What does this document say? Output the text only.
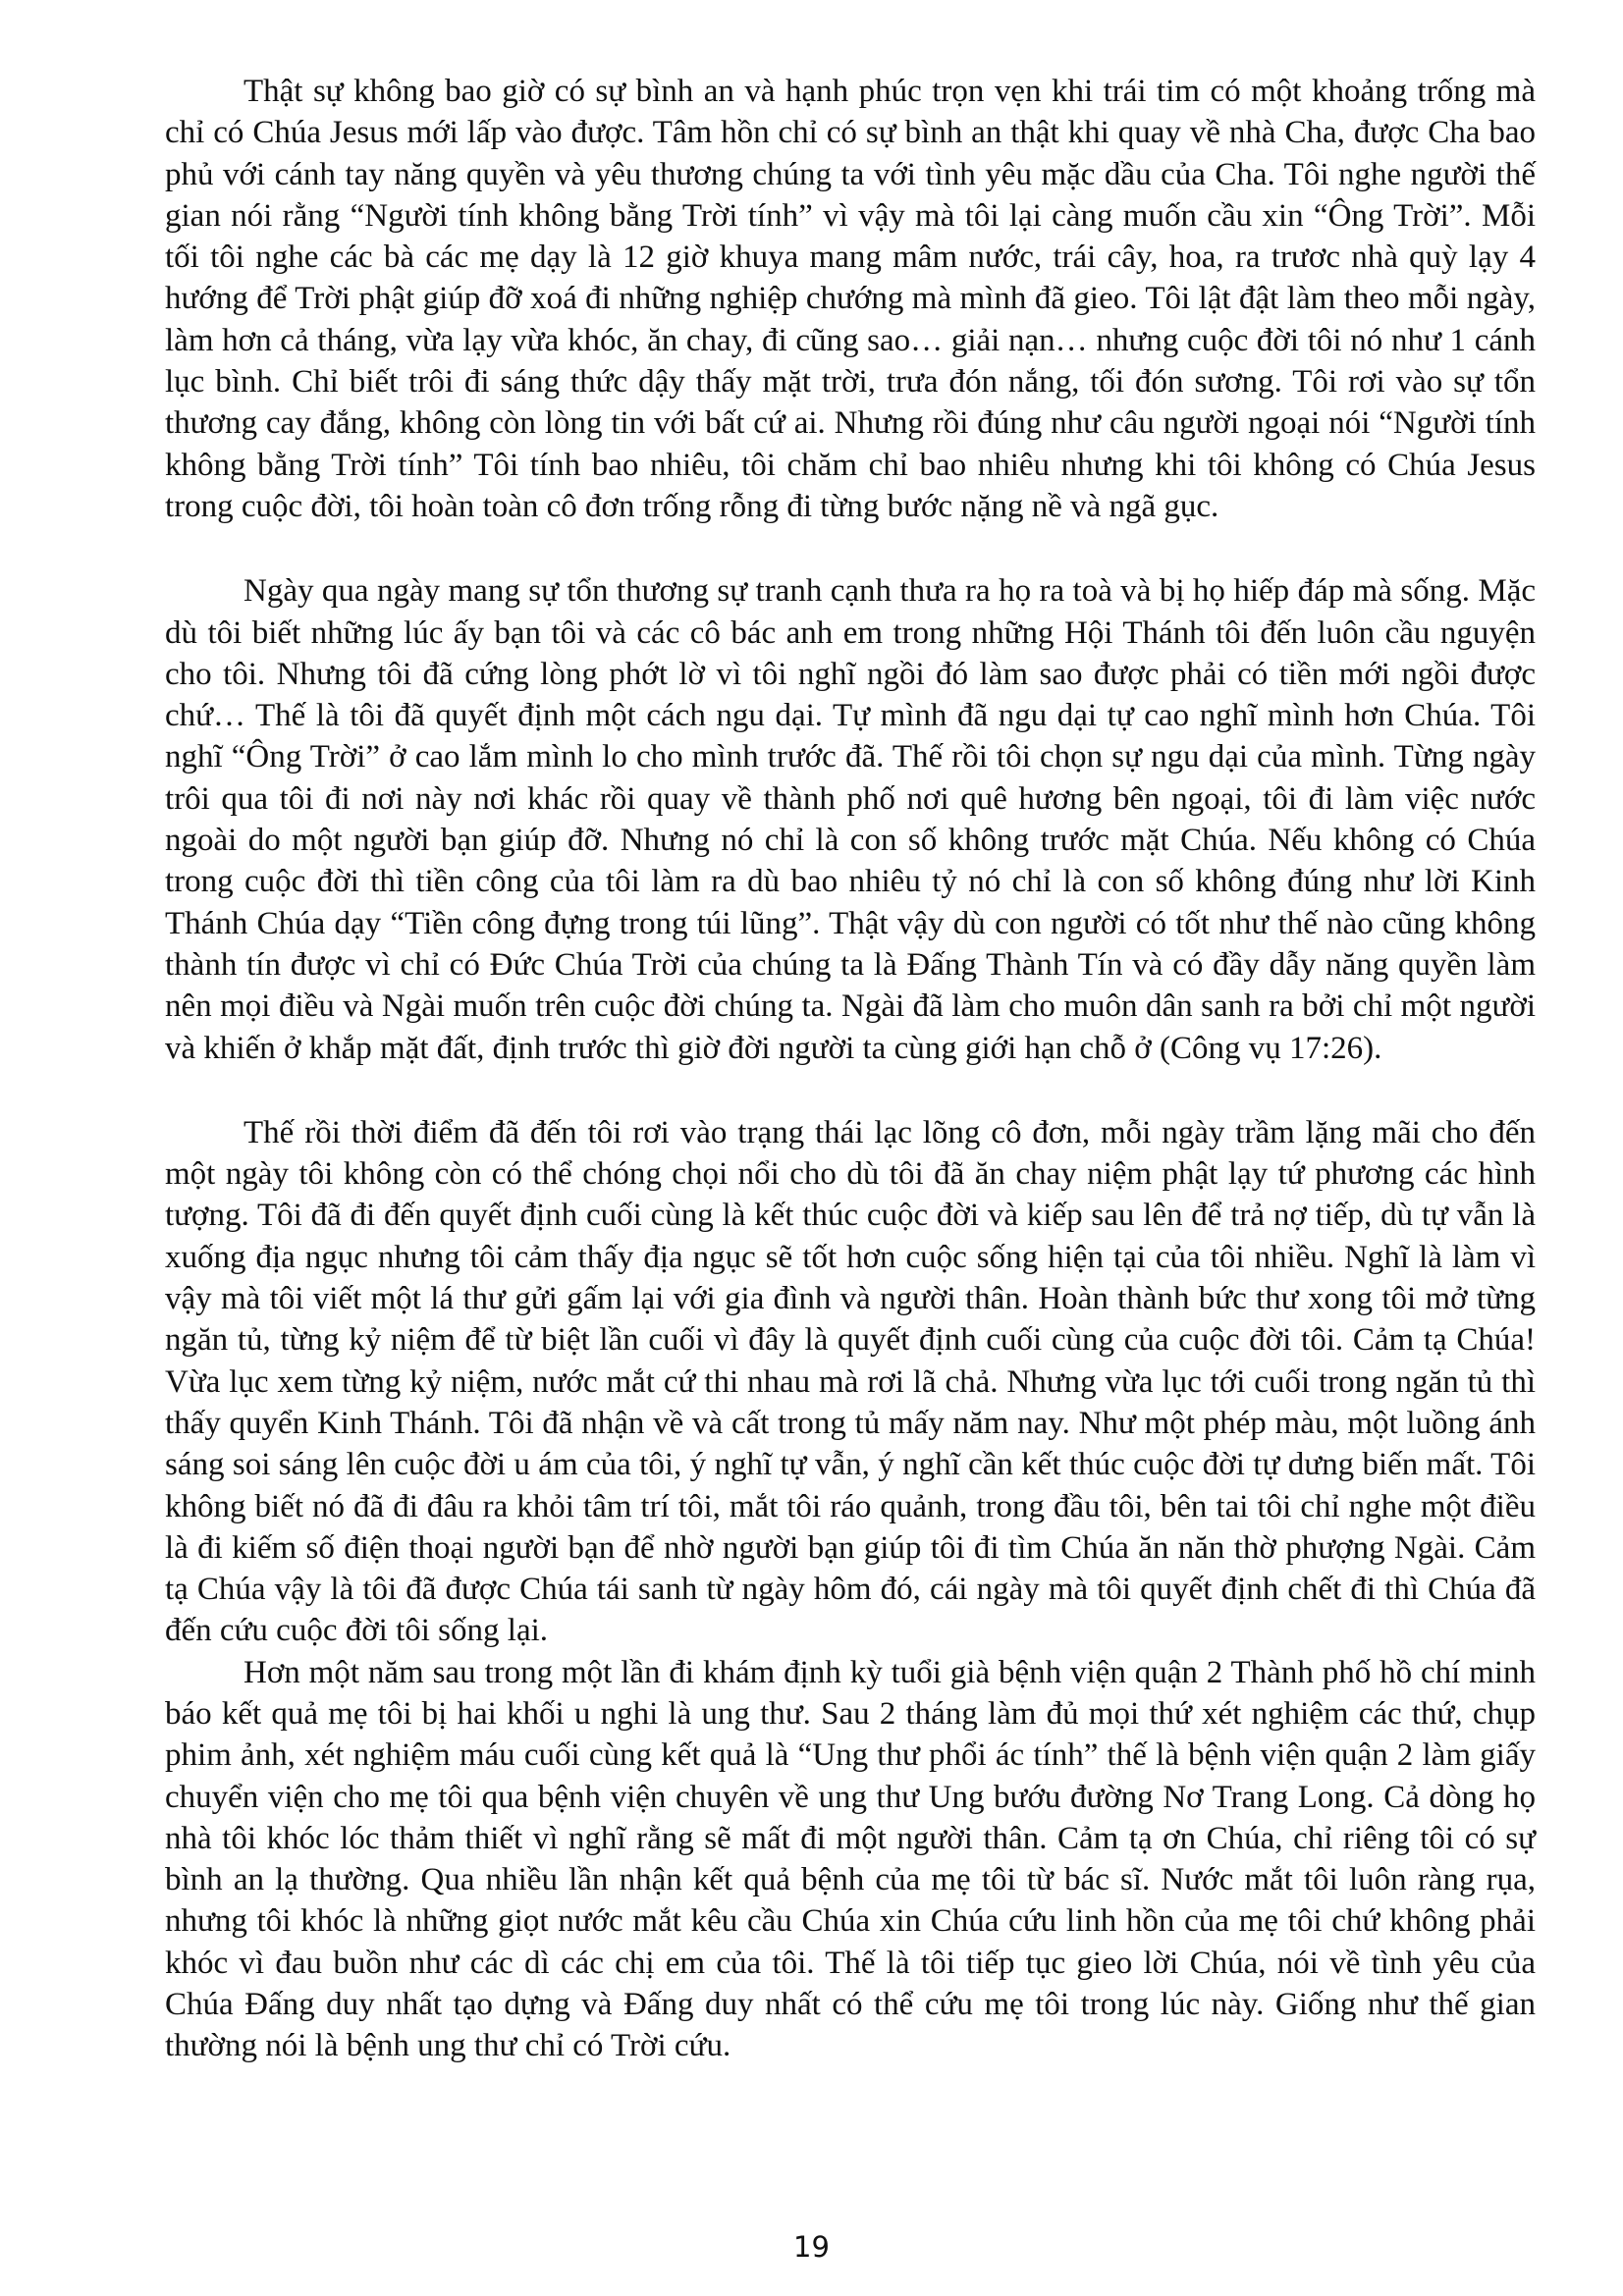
Thật sự không bao giờ có sự bình an và hạnh phúc trọn vẹn khi trái tim có một khoảng trống mà chỉ có Chúa Jesus mới lấp vào được. Tâm hồn chỉ có sự bình an thật khi quay về nhà Cha, được Cha bao phủ với cánh tay năng quyền và yêu thương chúng ta với tình yêu mặc dầu của Cha. Tôi nghe người thế gian nói rằng “Người tính không bằng Trời tính” vì vậy mà tôi lại càng muốn cầu xin “Ông Trời”. Mỗi tối tôi nghe các bà các mẹ dạy là 12 giờ khuya mang mâm nước, trái cây, hoa, ra trươc nhà quỳ lạy 4 hướng để Trời phật giúp đỡ xoá đi những nghiệp chướng mà mình đã gieo. Tôi lật đật làm theo mỗi ngày, làm hơn cả tháng, vừa lạy vừa khóc, ăn chay, đi cũng sao… giải nạn… nhưng cuộc đời tôi nó như 1 cánh lục bình. Chỉ biết trôi đi sáng thức dậy thấy mặt trời, trưa đón nắng, tối đón sương. Tôi rơi vào sự tổn thương cay đắng, không còn lòng tin với bất cứ ai. Nhưng rồi đúng như câu người ngoại nói “Người tính không bằng Trời tính” Tôi tính bao nhiêu, tôi chăm chỉ bao nhiêu nhưng khi tôi không có Chúa Jesus trong cuộc đời, tôi hoàn toàn cô đơn trống rỗng đi từng bước nặng nề và ngã gục.

Ngày qua ngày mang sự tổn thương sự tranh cạnh thưa ra họ ra toà và bị họ hiếp đáp mà sống. Mặc dù tôi biết những lúc ấy bạn tôi và các cô bác anh em trong những Hội Thánh tôi đến luôn cầu nguyện cho tôi. Nhưng tôi đã cứng lòng phớt lờ vì tôi nghĩ ngồi đó làm sao được phải có tiền mới ngồi được chứ… Thế là tôi đã quyết định một cách ngu dại. Tự mình đã ngu dại tự cao nghĩ mình hơn Chúa. Tôi nghĩ “Ông Trời” ở cao lắm mình lo cho mình trước đã. Thế rồi tôi chọn sự ngu dại của mình. Từng ngày trôi qua tôi đi nơi này nơi khác rồi quay về thành phố nơi quê hương bên ngoại, tôi đi làm việc nước ngoài do một người bạn giúp đỡ. Nhưng nó chỉ là con số không trước mặt Chúa. Nếu không có Chúa trong cuộc đời thì tiền công của tôi làm ra dù bao nhiêu tỷ nó chỉ là con số không đúng như lời Kinh Thánh Chúa dạy “Tiền công đựng trong túi lũng”. Thật vậy dù con người có tốt như thế nào cũng không thành tín được vì chỉ có Đức Chúa Trời của chúng ta là Đấng Thành Tín và có đầy dẫy năng quyền làm nên mọi điều và Ngài muốn trên cuộc đời chúng ta. Ngài đã làm cho muôn dân sanh ra bởi chỉ một người và khiến ở khắp mặt đất, định trước thì giờ đời người ta cùng giới hạn chỗ ở (Công vụ 17:26).

Thế rồi thời điểm đã đến tôi rơi vào trạng thái lạc lõng cô đơn, mỗi ngày trầm lặng mãi cho đến một ngày tôi không còn có thể chóng chọi nổi cho dù tôi đã ăn chay niệm phật lạy tứ phương các hình tượng. Tôi đã đi đến quyết định cuối cùng là kết thúc cuộc đời và kiếp sau lên để trả nợ tiếp, dù tự vẫn là xuống địa ngục nhưng tôi cảm thấy địa ngục sẽ tốt hơn cuộc sống hiện tại của tôi nhiều. Nghĩ là làm vì vậy mà tôi viết một lá thư gửi gấm lại với gia đình và người thân. Hoàn thành bức thư xong tôi mở từng ngăn tủ, từng kỷ niệm để từ biệt lần cuối vì đây là quyết định cuối cùng của cuộc đời tôi. Cảm tạ Chúa! Vừa lục xem từng kỷ niệm, nước mắt cứ thi nhau mà rơi lã chả. Nhưng vừa lục tới cuối trong ngăn tủ thì thấy quyển Kinh Thánh. Tôi đã nhận về và cất trong tủ mấy năm nay. Như một phép màu, một luồng ánh sáng soi sáng lên cuộc đời u ám của tôi, ý nghĩ tự vẫn, ý nghĩ cần kết thúc cuộc đời tự dưng biến mất. Tôi không biết nó đã đi đâu ra khỏi tâm trí tôi, mắt tôi ráo quảnh, trong đầu tôi, bên tai tôi chỉ nghe một điều là đi kiếm số điện thoại người bạn để nhờ người bạn giúp tôi đi tìm Chúa ăn năn thờ phượng Ngài. Cảm tạ Chúa vậy là tôi đã được Chúa tái sanh từ ngày hôm đó, cái ngày mà tôi quyết định chết đi thì Chúa đã đến cứu cuộc đời tôi sống lại.

Hơn một năm sau trong một lần đi khám định kỳ tuổi già bệnh viện quận 2 Thành phố hồ chí minh báo kết quả mẹ tôi bị hai khối u nghi là ung thư. Sau 2 tháng làm đủ mọi thứ xét nghiệm các thứ, chụp phim ảnh, xét nghiệm máu cuối cùng kết quả là “Ung thư phổi ác tính” thế là bệnh viện quận 2 làm giấy chuyển viện cho mẹ tôi qua bệnh viện chuyên về ung thư Ung bướu đường Nơ Trang Long. Cả dòng họ nhà tôi khóc lóc thảm thiết vì nghĩ rằng sẽ mất đi một người thân. Cảm tạ ơn Chúa, chỉ riêng tôi có sự bình an lạ thường. Qua nhiều lần nhận kết quả bệnh của mẹ tôi từ bác sĩ. Nước mắt tôi luôn ràng rụa, nhưng tôi khóc là những giọt nước mắt kêu cầu Chúa xin Chúa cứu linh hồn của mẹ tôi chứ không phải khóc vì đau buồn như các dì các chị em của tôi. Thế là tôi tiếp tục gieo lời Chúa, nói về tình yêu của Chúa Đấng duy nhất tạo dựng và Đấng duy nhất có thể cứu mẹ tôi trong lúc này. Giống như thế gian thường nói là bệnh ung thư chỉ có Trời cứu.

19
